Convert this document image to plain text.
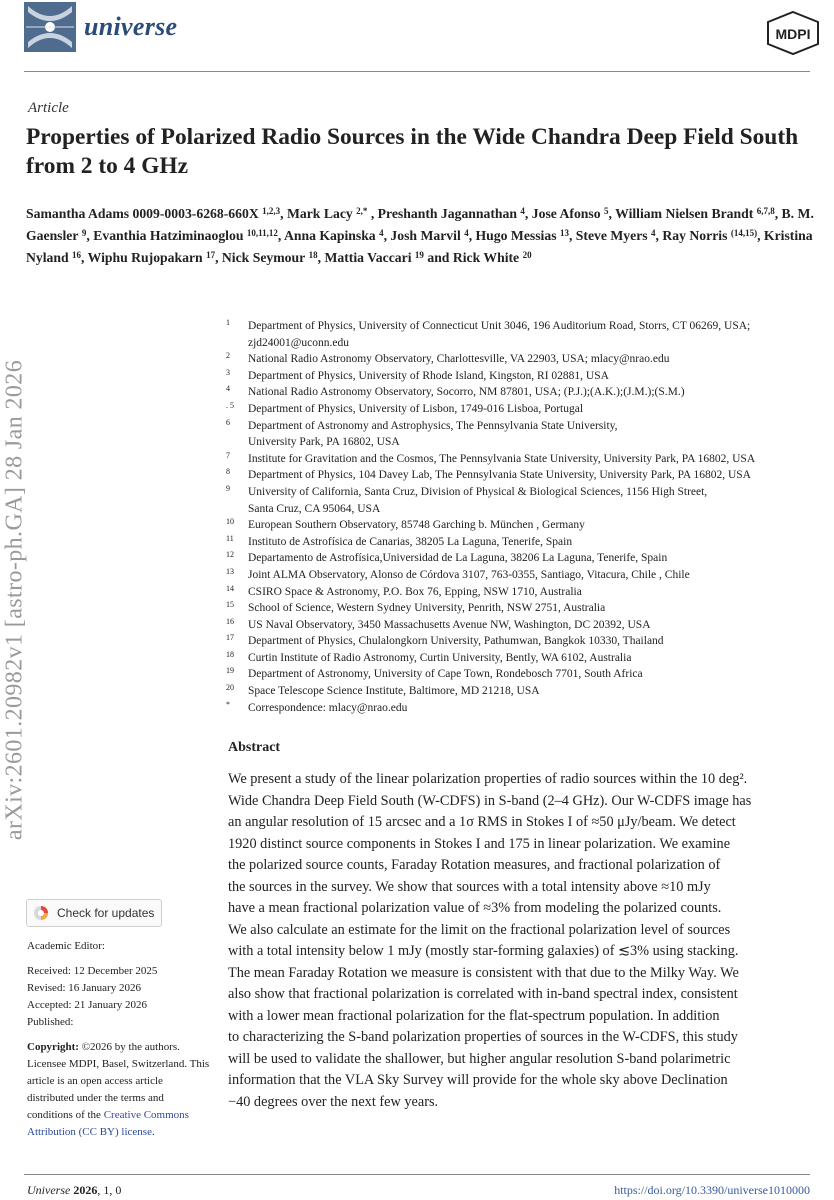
universe	MDPI
arXiv:2601.20982v1 [astro-ph.GA] 28 Jan 2026
Article
Properties of Polarized Radio Sources in the Wide Chandra Deep Field South from 2 to 4 GHz
Samantha Adams 0009-0003-6268-660X $^{1,2,3}$, Mark Lacy $^{2,*}$ , Preshanth Jagannathan $^4$, Jose Afonso $^5$, William Nielsen Brandt $^{6,7,8}$, B. M. Gaensler $^9$, Evanthia Hatziminaoglou $^{10,11,12}$, Anna Kapinska $^4$, Josh Marvil $^4$, Hugo Messias $^{13}$, Steve Myers $^4$, Ray Norris $^{(14,15)}$, Kristina Nyland $^{16}$, Wiphu Rujopakarn $^{17}$, Nick Seymour $^{18}$, Mattia Vaccari $^{19}$ and Rick White $^{20}$
1	Department of Physics, University of Connecticut Unit 3046, 196 Auditorium Road, Storrs, CT 06269, USA;
zjd24001@uconn.edu
2	National Radio Astronomy Observatory, Charlottesville, VA 22903, USA; mlacy@nrao.edu
3	Department of Physics, University of Rhode Island, Kingston, RI 02881, USA
4	National Radio Astronomy Observatory, Socorro, NM 87801, USA; (P.J.);(A.K.);(J.M.);(S.M.)
. 5	Department of Physics, University of Lisbon, 1749-016 Lisboa, Portugal
6	Department of Astronomy and Astrophysics, The Pennsylvania State University,
University Park, PA 16802, USA
7	Institute for Gravitation and the Cosmos, The Pennsylvania State University, University Park, PA 16802, USA
8	Department of Physics, 104 Davey Lab, The Pennsylvania State University, University Park, PA 16802, USA
9	University of California, Santa Cruz, Division of Physical & Biological Sciences, 1156 High Street,
Santa Cruz, CA 95064, USA
10	European Southern Observatory, 85748 Garching b. München , Germany
11	Instituto de Astrofísica de Canarias, 38205 La Laguna, Tenerife, Spain
12	Departamento de Astrofísica,Universidad de La Laguna, 38206 La Laguna, Tenerife, Spain
13	Joint ALMA Observatory, Alonso de Córdova 3107, 763-0355, Santiago, Vitacura, Chile , Chile
14	CSIRO Space & Astronomy, P.O. Box 76, Epping, NSW 1710, Australia
15	School of Science, Western Sydney University, Penrith, NSW 2751, Australia
16	US Naval Observatory, 3450 Massachusetts Avenue NW, Washington, DC 20392, USA
17	Department of Physics, Chulalongkorn University, Pathumwan, Bangkok 10330, Thailand
18	Curtin Institute of Radio Astronomy, Curtin University, Bently, WA 6102, Australia
19	Department of Astronomy, University of Cape Town, Rondebosch 7701, South Africa
20	Space Telescope Science Institute, Baltimore, MD 21218, USA
*	Correspondence: mlacy@nrao.edu
Abstract
We present a study of the linear polarization properties of radio sources within the 10 deg².
Wide Chandra Deep Field South (W-CDFS) in S-band (2–4 GHz). Our W-CDFS image has
an angular resolution of 15 arcsec and a 1σ RMS in Stokes I of ≈50 μJy/beam. We detect
1920 distinct source components in Stokes I and 175 in linear polarization. We examine
the polarized source counts, Faraday Rotation measures, and fractional polarization of
the sources in the survey. We show that sources with a total intensity above ≈10 mJy
have a mean fractional polarization value of ≈3% from modeling the polarized counts.
We also calculate an estimate for the limit on the fractional polarization level of sources
with a total intensity below 1 mJy (mostly star-forming galaxies) of ≲3% using stacking.
The mean Faraday Rotation we measure is consistent with that due to the Milky Way. We
also show that fractional polarization is correlated with in-band spectral index, consistent
with a lower mean fractional polarization for the flat-spectrum population. In addition
to characterizing the S-band polarization properties of sources in the W-CDFS, this study
will be used to validate the shallower, but higher angular resolution S-band polarimetric
information that the VLA Sky Survey will provide for the whole sky above Declination
−40 degrees over the next few years.
Check for updates
Academic Editor:
Received: 12 December 2025
Revised: 16 January 2026
Accepted: 21 January 2026
Published:
Copyright: ©2026 by the authors. Licensee MDPI, Basel, Switzerland. This article is an open access article distributed under the terms and conditions of the Creative Commons Attribution (CC BY) license.
Universe 2026, 1, 0	https://doi.org/10.3390/universe1010000
